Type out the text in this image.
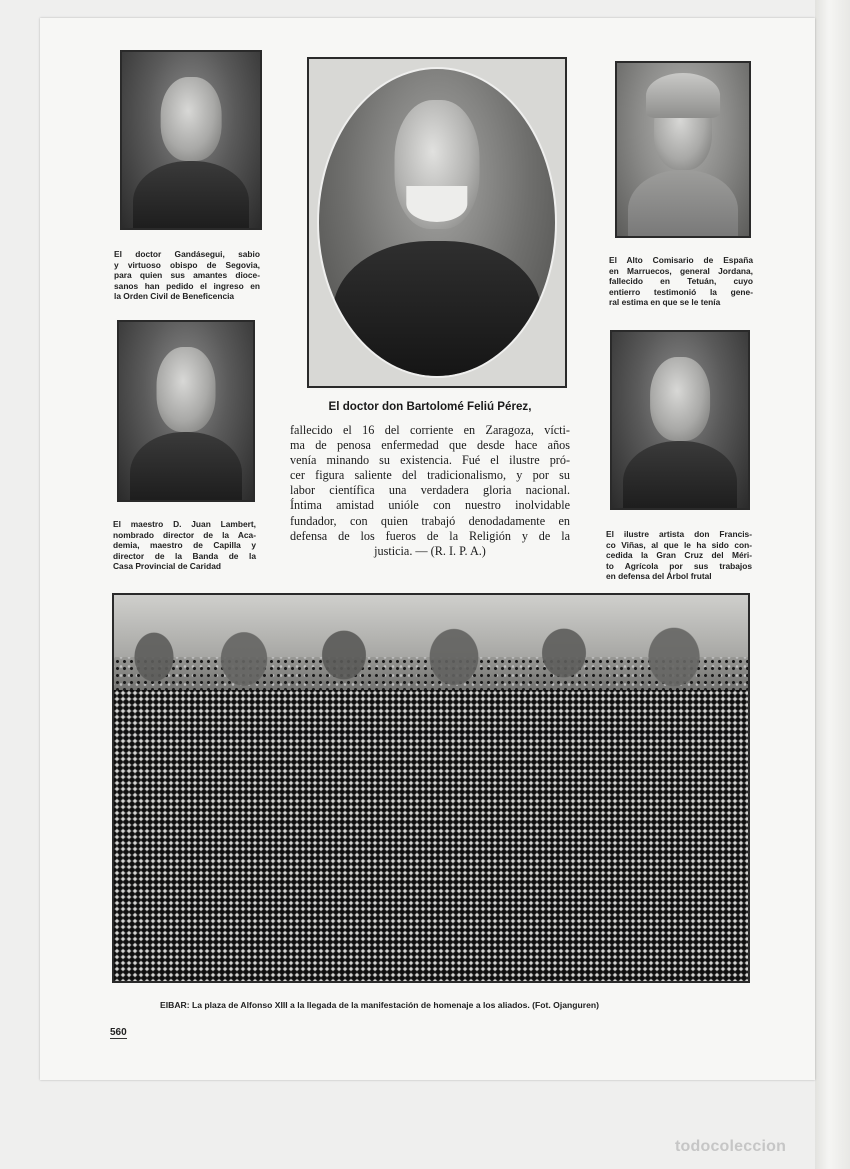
El doctor Gandásegui, sabio
y virtuoso obispo de Segovia,
para quien sus amantes dioce-
sanos han pedido el ingreso en
la Orden Civil de Beneficencia

El maestro D. Juan Lambert,
nombrado director de la Aca-
demia, maestro de Capilla y
director de la Banda de la
Casa Provincial de Caridad

El doctor don Bartolomé Feliú Pérez,

fallecido el 16 del corriente en Zaragoza, vícti-
ma de penosa enfermedad que desde hace años
venía minando su existencia. Fué el ilustre pró-
cer figura saliente del tradicionalismo, y por su
labor científica una verdadera gloria nacional.
Íntima amistad unióle con nuestro inolvidable
fundador, con quien trabajó denodadamente en
defensa de los fueros de la Religión y de la
justicia. — (R. I. P. A.)

El Alto Comisario de España
en Marruecos, general Jordana,
fallecido en Tetuán, cuyo
entierro testimonió la gene-
ral estima en que se le tenía

El ilustre artista don Francis-
co Viñas, al que le ha sido con-
cedida la Gran Cruz del Méri-
to Agrícola por sus trabajos
en defensa del Árbol frutal

EIBAR: La plaza de Alfonso XIII a la llegada de la manifestación de homenaje a los aliados. (Fot. Ojanguren)

560

todocoleccion
